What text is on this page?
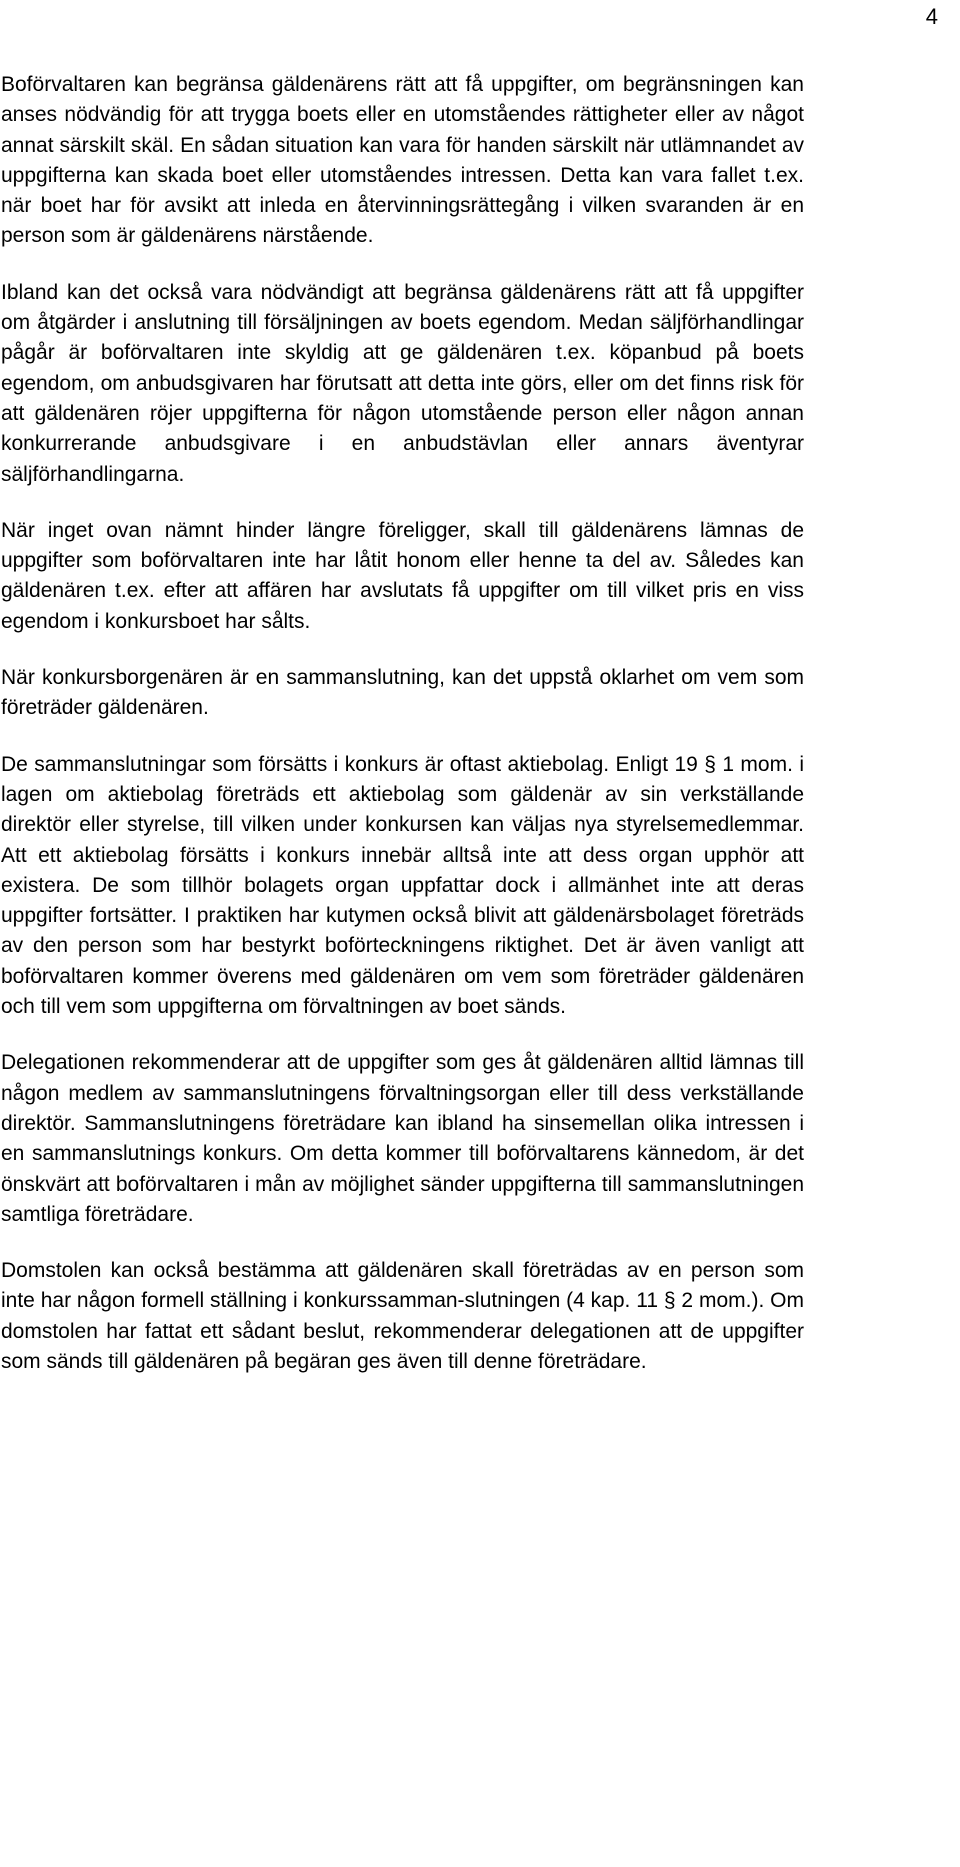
4

Boförvaltaren kan begränsa gäldenärens rätt att få uppgifter, om begränsningen kan anses nödvändig för att trygga boets eller en utomståendes rättigheter eller av något annat särskilt skäl. En sådan situation kan vara för handen särskilt när utlämnandet av uppgifterna kan skada boet eller utomståendes intressen. Detta kan vara fallet t.ex. när boet har för avsikt att inleda en återvinningsrättegång i vilken svaranden är en person som är gäldenärens närstående.

Ibland kan det också vara nödvändigt att begränsa gäldenärens rätt att få uppgifter om åtgärder i anslutning till försäljningen av boets egendom. Medan säljförhandlingar pågår är boförvaltaren inte skyldig att ge gäldenären t.ex. köpanbud på boets egendom, om anbudsgivaren har förutsatt att detta inte görs, eller om det finns risk för att gäldenären röjer uppgifterna för någon utomstående person eller någon annan konkurrerande anbudsgivare i en anbudstävlan eller annars äventyrar säljförhandlingarna.

När inget ovan nämnt hinder längre föreligger, skall till gäldenärens lämnas de uppgifter som boförvaltaren inte har låtit honom eller henne ta del av. Således kan gäldenären t.ex. efter att affären har avslutats få uppgifter om till vilket pris en viss egendom i konkursboet har sålts.

När konkursborgenären är en sammanslutning, kan det uppstå oklarhet om vem som företräder gäldenären.

De sammanslutningar som försätts i konkurs är oftast aktiebolag. Enligt 19 § 1 mom. i lagen om aktiebolag företräds ett aktiebolag som gäldenär av sin verkställande direktör eller styrelse, till vilken under konkursen kan väljas nya styrelsemedlemmar. Att ett aktiebolag försätts i konkurs innebär alltså inte att dess organ upphör att existera. De som tillhör bolagets organ uppfattar dock i allmänhet inte att deras uppgifter fortsätter. I praktiken har kutymen också blivit att gäldenärsbolaget företräds av den person som har bestyrkt boförteckningens riktighet. Det är även vanligt att boförvaltaren kommer överens med gäldenären om vem som företräder gäldenären och till vem som uppgifterna om förvaltningen av boet sänds.

Delegationen rekommenderar att de uppgifter som ges åt gäldenären alltid lämnas till någon medlem av sammanslutningens förvaltningsorgan eller till dess verkställande direktör. Sammanslutningens företrädare kan ibland ha sinsemellan olika intressen i en sammanslutnings konkurs. Om detta kommer till boförvaltarens kännedom, är det önskvärt att boförvaltaren i mån av möjlighet sänder uppgifterna till sammanslutningen samtliga företrädare.

Domstolen kan också bestämma att gäldenären skall företrädas av en person som inte har någon formell ställning i konkurssamman-slutningen (4 kap. 11 § 2 mom.). Om domstolen har fattat ett sådant beslut, rekommenderar delegationen att de uppgifter som sänds till gäldenären på begäran ges även till denne företrädare.
